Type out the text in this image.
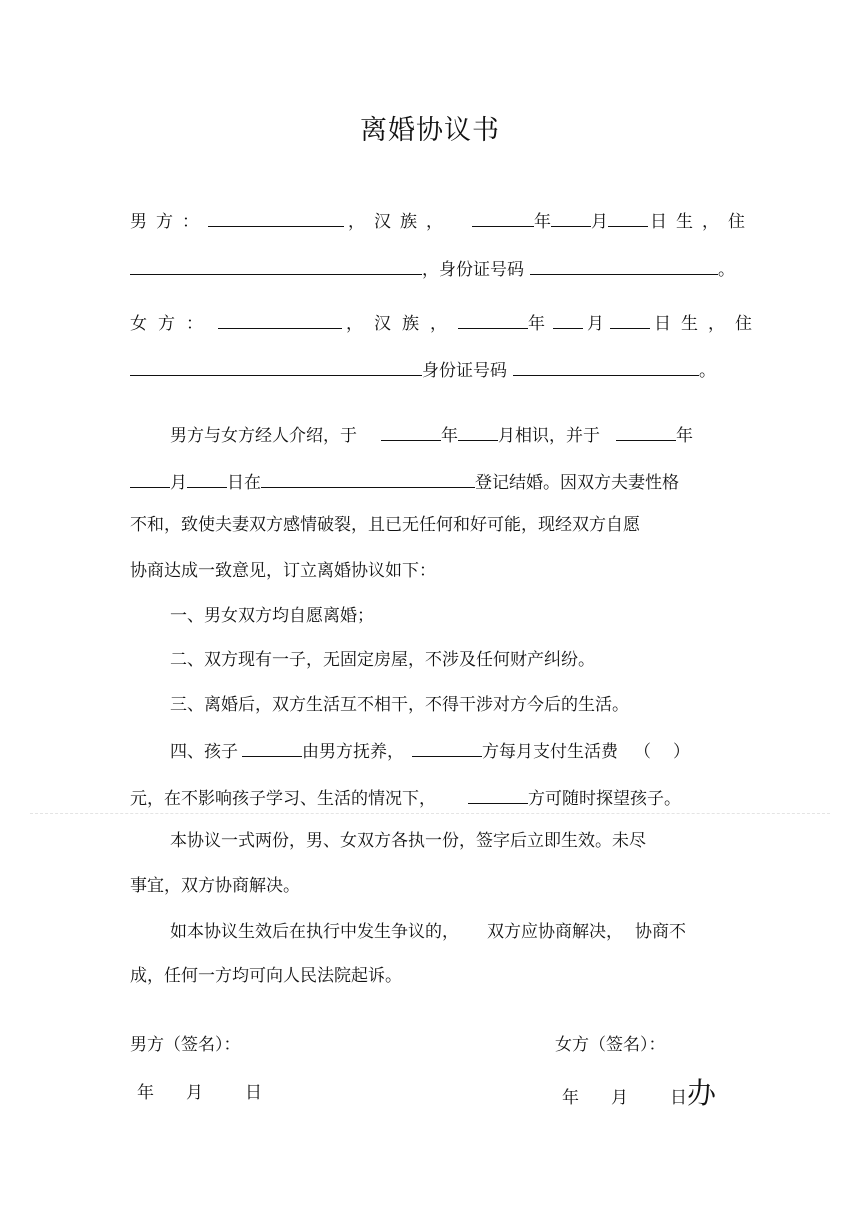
离婚协议书
男方：	，汉族，	年 月 日生，住
，身份证号码	。
女方：	，汉族，	年 月	日生，住
身份证号码	。
男方与女方经人介绍，于	年 月相识，并于	年
月 日在	登记结婚。因双方夫妻性格
不和，致使夫妻双方感情破裂，且已无任何和好可能，现经双方自愿
协商达成一致意见，订立离婚协议如下：
一、男女双方均自愿离婚；
二、双方现有一子，无固定房屋，不涉及任何财产纠纷。
三、离婚后，双方生活互不相干，不得干涉对方今后的生活。
四、孩子	由男方抚养，	方每月支付生活费 （ ）
元，在不影响孩子学习、生活的情况下，	方可随时探望孩子。
本协议一式两份，男、女双方各执一份，签字后立即生效。未尽
事宜，双方协商解决。
如本协议生效后在执行中发生争议的， 双方应协商解决， 协商不
成，任何一方均可向人民法院起诉。
男方（签名）：	女方（签名）：
年 月 日	年 月 日办
